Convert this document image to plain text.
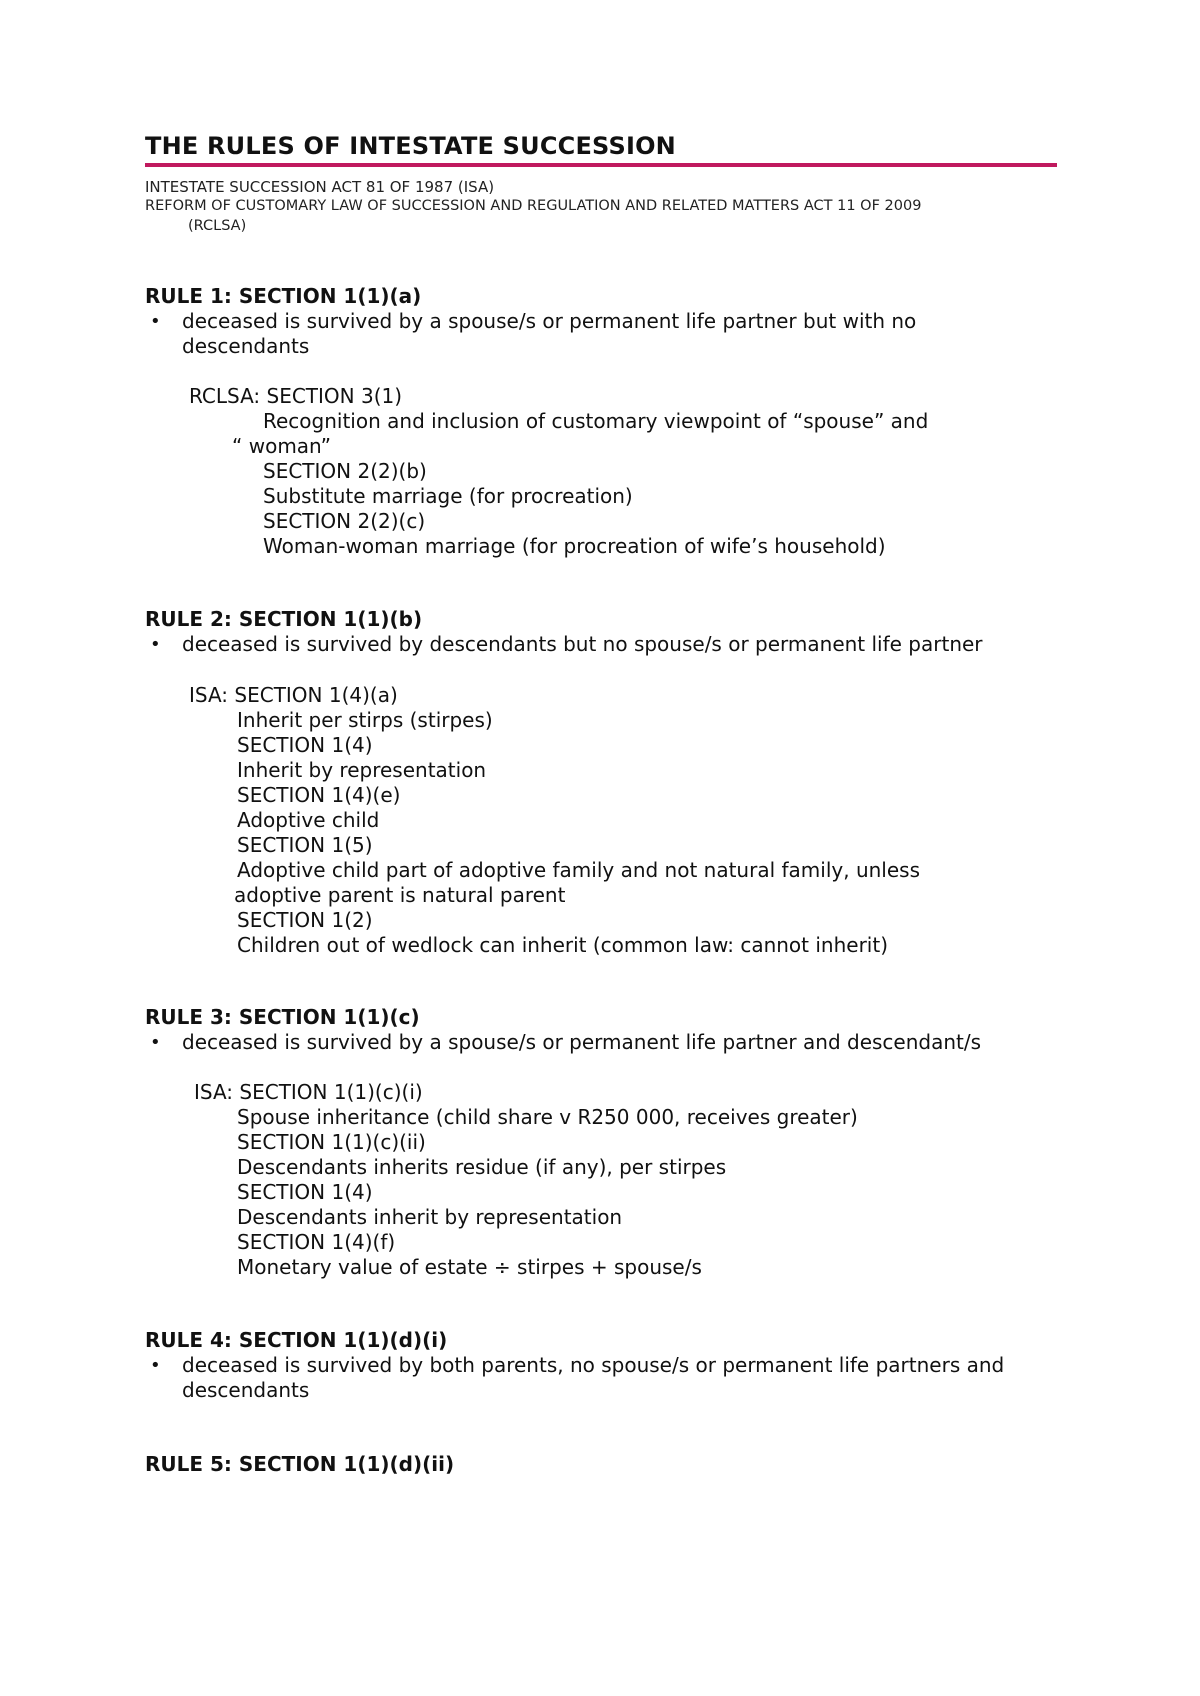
THE RULES OF INTESTATE SUCCESSION
INTESTATE SUCCESSION ACT 81 OF 1987 (ISA)
REFORM OF CUSTOMARY LAW OF SUCCESSION AND REGULATION AND RELATED MATTERS ACT 11 OF 2009
(RCLSA)
RULE 1: SECTION 1(1)(a)
• deceased is survived by a spouse/s or permanent life partner but with no
descendants
RCLSA: SECTION 3(1)
Recognition and inclusion of customary viewpoint of “spouse” and
“ woman”
SECTION 2(2)(b)
Substitute marriage (for procreation)
SECTION 2(2)(c)
Woman-woman marriage (for procreation of wife’s household)
RULE 2: SECTION 1(1)(b)
• deceased is survived by descendants but no spouse/s or permanent life partner
ISA: SECTION 1(4)(a)
Inherit per stirps (stirpes)
SECTION 1(4)
Inherit by representation
SECTION 1(4)(e)
Adoptive child
SECTION 1(5)
Adoptive child part of adoptive family and not natural family, unless
adoptive parent is natural parent
SECTION 1(2)
Children out of wedlock can inherit (common law: cannot inherit)
RULE 3: SECTION 1(1)(c)
• deceased is survived by a spouse/s or permanent life partner and descendant/s
ISA: SECTION 1(1)(c)(i)
Spouse inheritance (child share v R250 000, receives greater)
SECTION 1(1)(c)(ii)
Descendants inherits residue (if any), per stirpes
SECTION 1(4)
Descendants inherit by representation
SECTION 1(4)(f)
Monetary value of estate ÷ stirpes + spouse/s
RULE 4: SECTION 1(1)(d)(i)
• deceased is survived by both parents, no spouse/s or permanent life partners and
descendants
RULE 5: SECTION 1(1)(d)(ii)
